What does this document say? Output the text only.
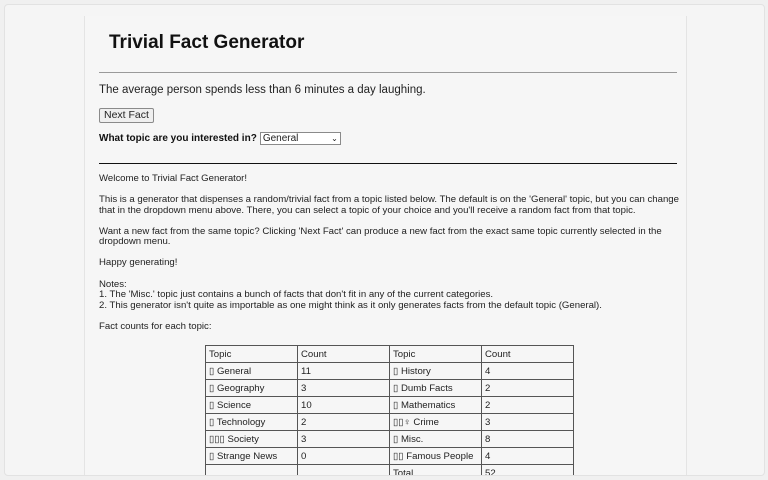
Trivial Fact Generator
The average person spends less than 6 minutes a day laughing.
Next Fact
What topic are you interested in? General	⌄

Welcome to Trivial Fact Generator!

This is a generator that dispenses a random/trivial fact from a topic listed below. The default is on the 'General' topic, but you can change that in the dropdown menu above. There, you can select a topic of your choice and you'll receive a random fact from that topic.

Want a new fact from the same topic? Clicking 'Next Fact' can produce a new fact from the exact same topic currently selected in the dropdown menu.

Happy generating!

Notes:
1. The 'Misc.' topic just contains a bunch of facts that don't fit in any of the current categories.
2. This generator isn't quite as importable as one might think as it only generates facts from the default topic (General).

Fact counts for each topic:

Topic	Count	Topic	Count
▯ General	11	▯ History	4
▯ Geography	3	▯ Dumb Facts	2
▯ Science	10	▯ Mathematics	2
▯ Technology	2	▯▯♀ Crime	3
▯▯▯ Society	3	▯ Misc.	8
▯ Strange News	0	▯▯ Famous People	4
		Total	52
